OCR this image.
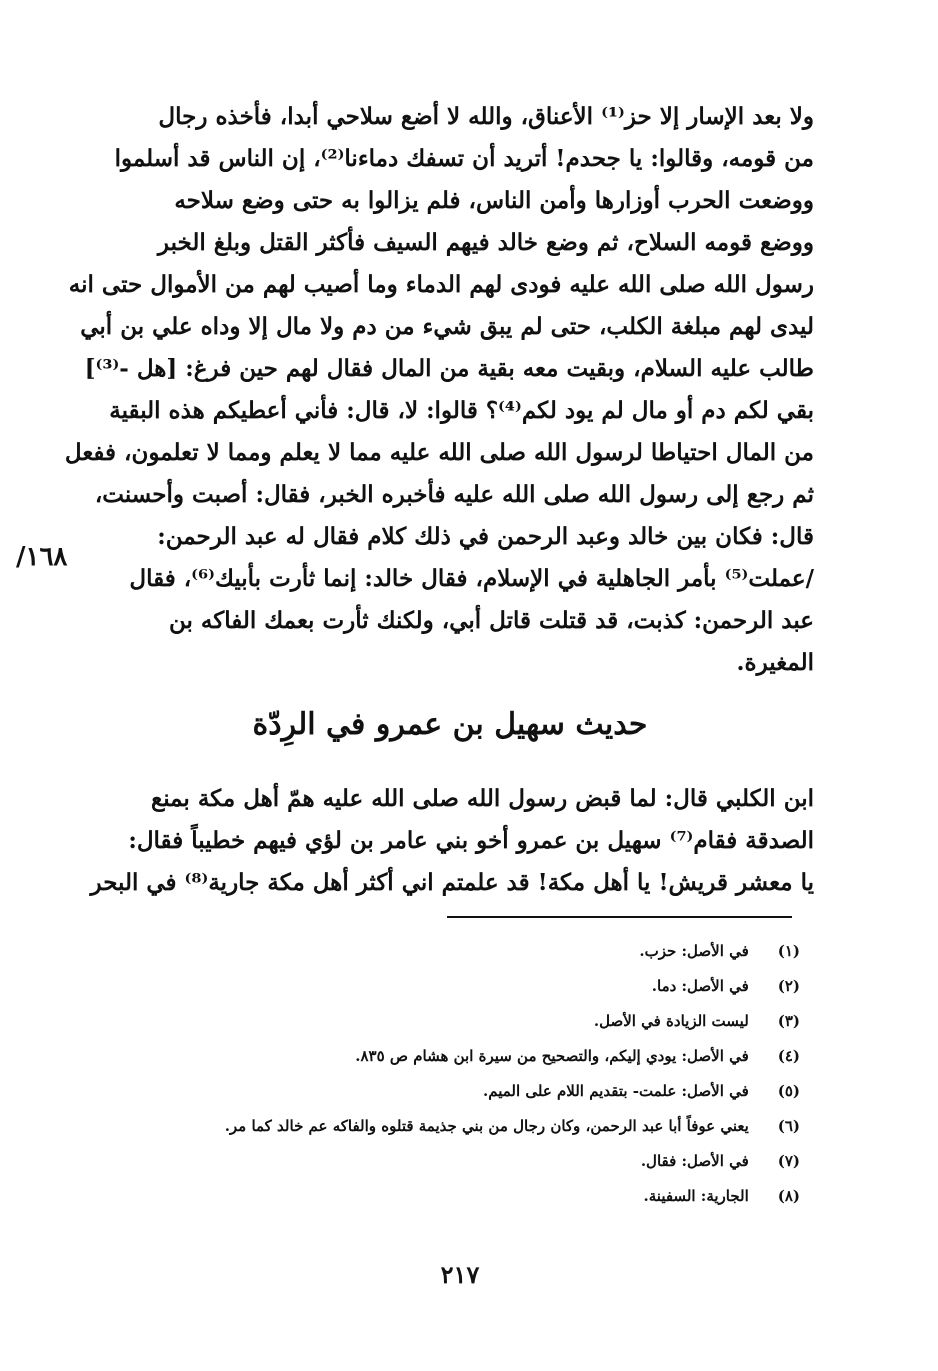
١٦٨/
ولا بعد الإسار إلا حز⁽¹⁾ الأعناق، والله لا أضع سلاحي أبدا، فأخذه رجال
من قومه، وقالوا: يا جحدم! أتريد أن تسفك دماءنا⁽²⁾، إن الناس قد أسلموا
ووضعت الحرب أوزارها وأمن الناس، فلم يزالوا به حتى وضع سلاحه
ووضع قومه السلاح، ثم وضع خالد فيهم السيف فأكثر القتل وبلغ الخبر
رسول الله صلى الله عليه فودى لهم الدماء وما أصيب لهم من الأموال حتى انه
ليدى لهم مبلغة الكلب، حتى لم يبق شيء من دم ولا مال إلا وداه علي بن أبي
طالب عليه السلام، وبقيت معه بقية من المال فقال لهم حين فرغ: [هل -⁽³⁾]
بقي لكم دم أو مال لم يود لكم⁽⁴⁾؟ قالوا: لا، قال: فأني أعطيكم هذه البقية
من المال احتياطا لرسول الله صلى الله عليه مما لا يعلم ومما لا تعلمون، ففعل
ثم رجع إلى رسول الله صلى الله عليه فأخبره الخبر، فقال: أصبت وأحسنت،
قال: فكان بين خالد وعبد الرحمن في ذلك كلام فقال له عبد الرحمن:
/عملت⁽⁵⁾ بأمر الجاهلية في الإسلام، فقال خالد: إنما ثأرت بأبيك⁽⁶⁾، فقال
عبد الرحمن: كذبت، قد قتلت قاتل أبي، ولكنك ثأرت بعمك الفاكه بن
المغيرة.
حديث سهيل بن عمرو في الرِدّة
ابن الكلبي قال: لما قبض رسول الله صلى الله عليه همّ أهل مكة بمنع
الصدقة فقام⁽⁷⁾ سهيل بن عمرو أخو بني عامر بن لؤي فيهم خطيباً فقال:
يا معشر قريش! يا أهل مكة! قد علمتم اني أكثر أهل مكة جارية⁽⁸⁾ في البحر
(١) في الأصل: حزب.
(٢) في الأصل: دما.
(٣) ليست الزيادة في الأصل.
(٤) في الأصل: يودي إليكم، والتصحيح من سيرة ابن هشام ص ٨٣٥.
(٥) في الأصل: علمت- بتقديم اللام على الميم.
(٦) يعني عوفاً أبا عبد الرحمن، وكان رجال من بني جذيمة قتلوه والفاكه عم خالد كما مر.
(٧) في الأصل: فقال.
(٨) الجارية: السفينة.
٢١٧
